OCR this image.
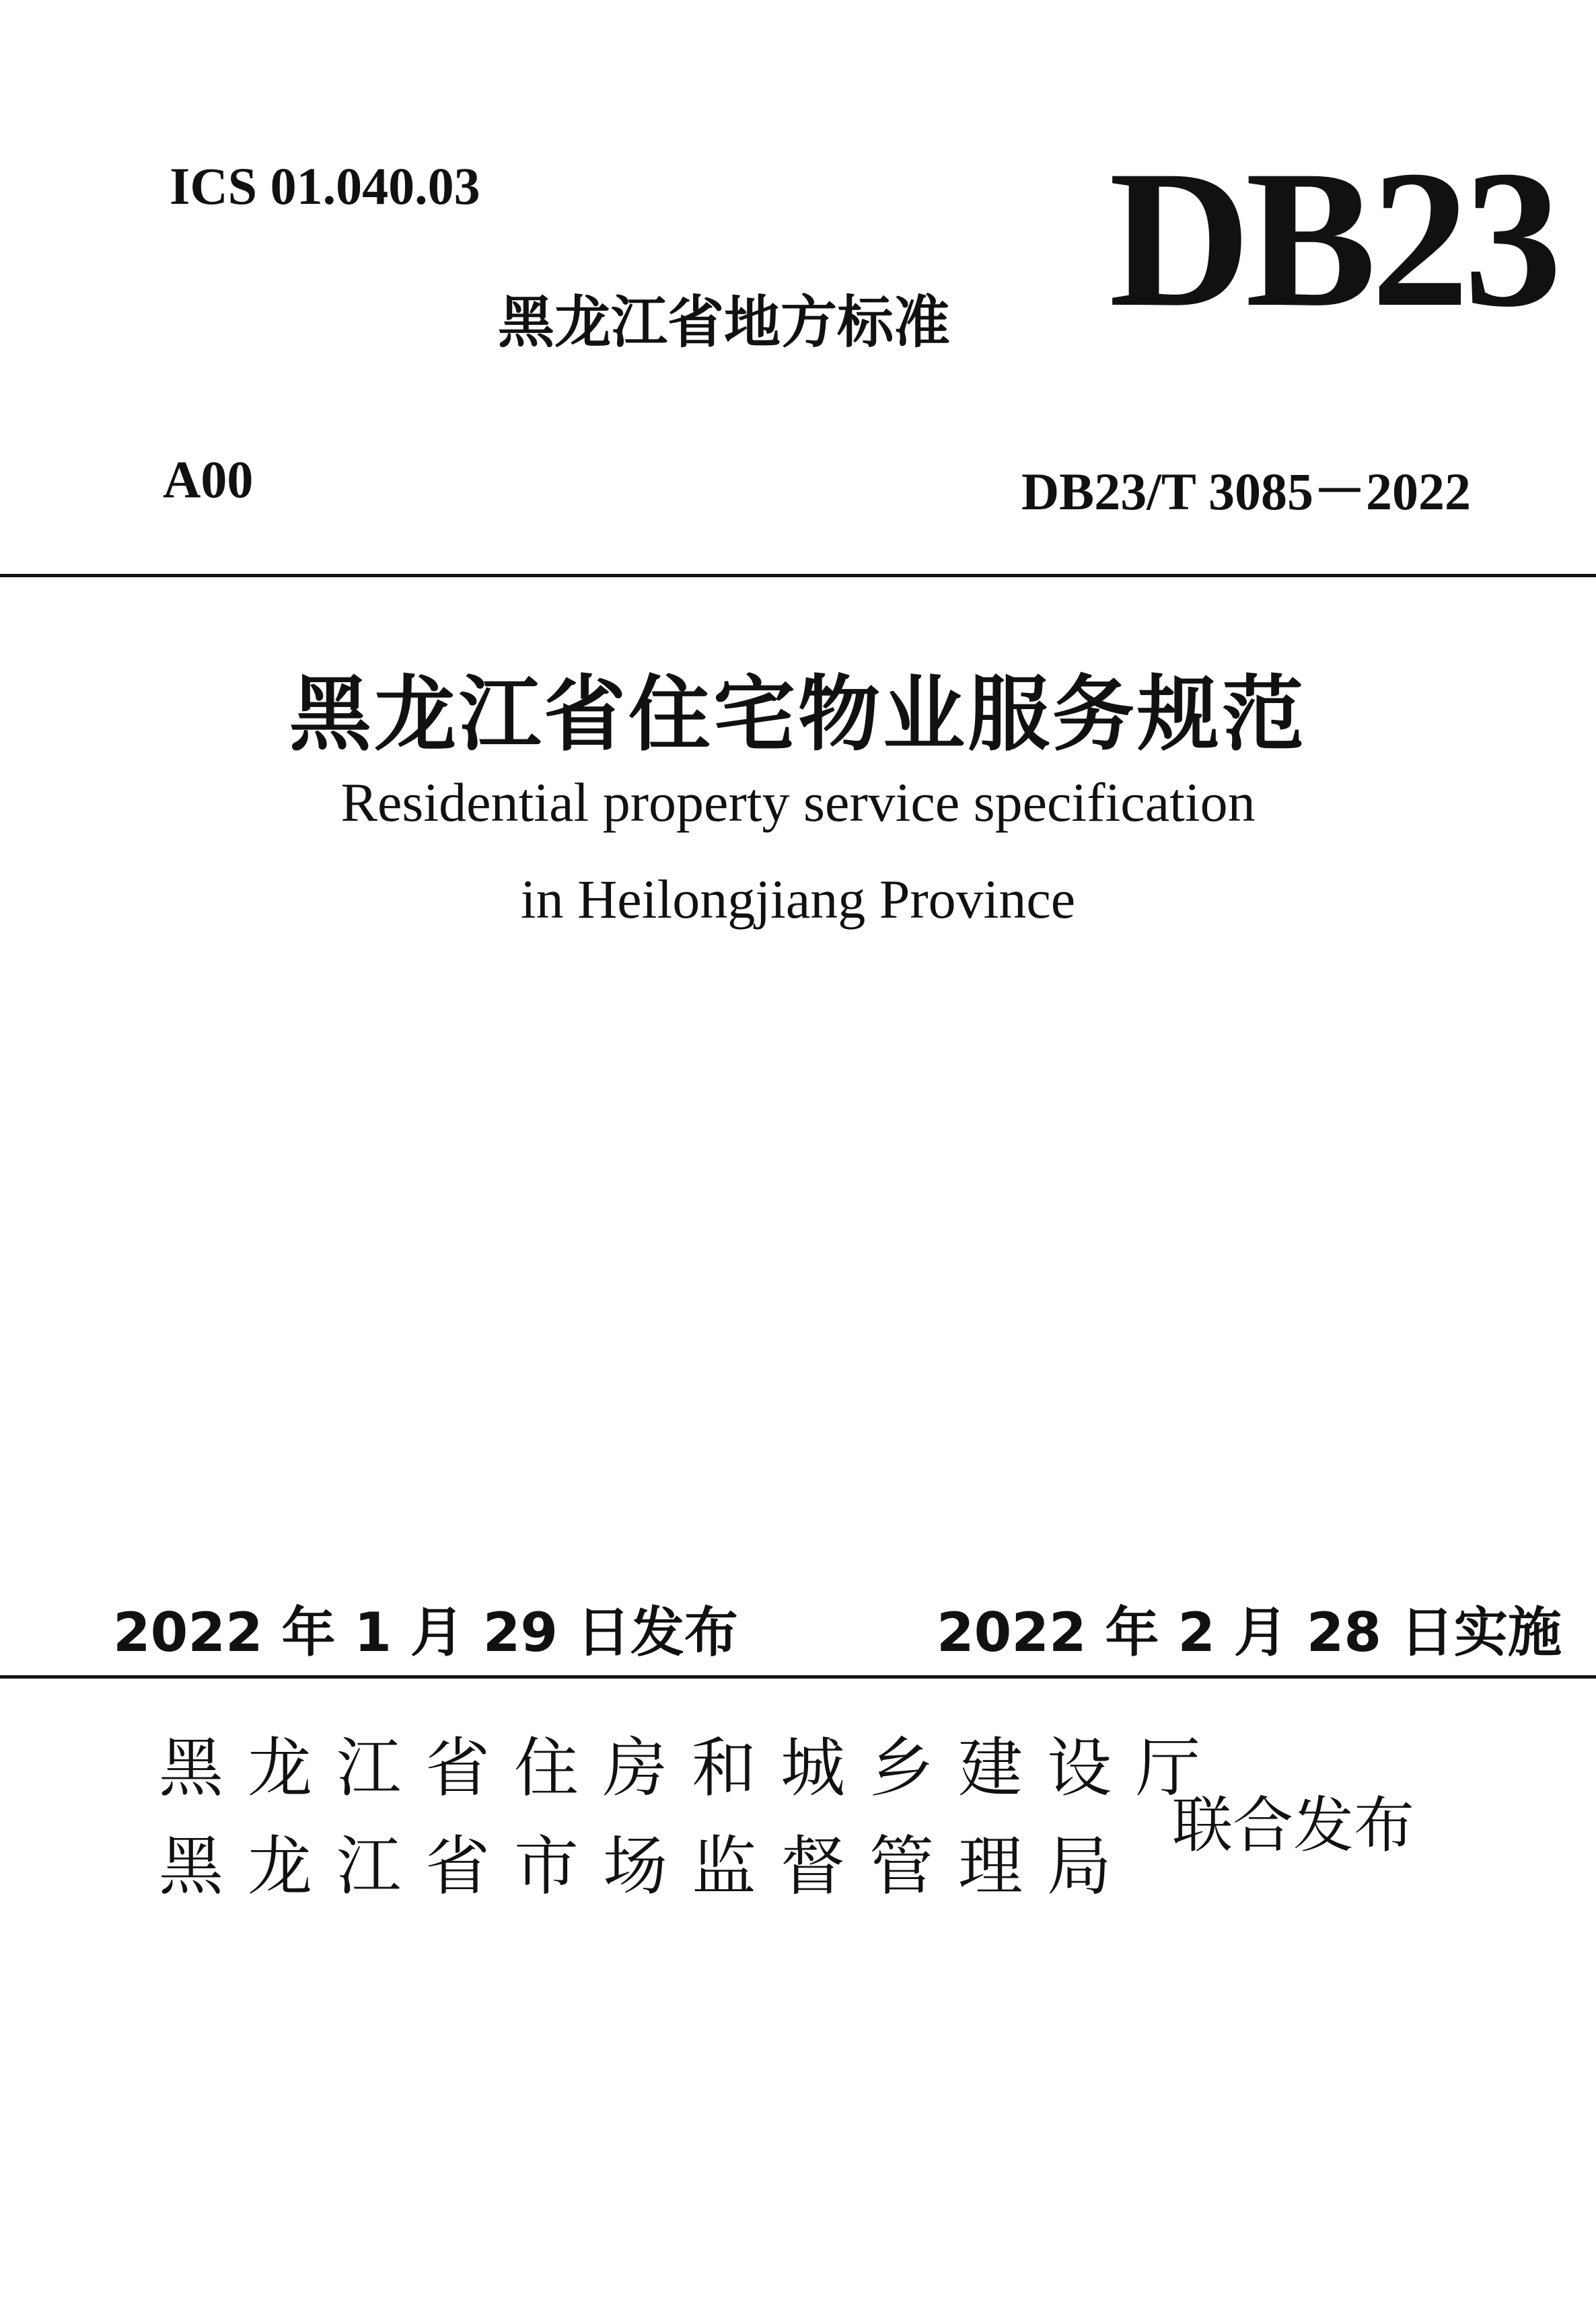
ICS 01.040.03
黑龙江省地方标准 DB23
A00	DB23/T 3085－2022
黑龙江省住宅物业服务规范
Residential property service specification
in Heilongjiang Province
2022 年 1 月 29 日发布	2022 年 2 月 28 日实施
黑龙江省住房和城乡建设厅
黑龙江省市场监督管理局
联合发布
